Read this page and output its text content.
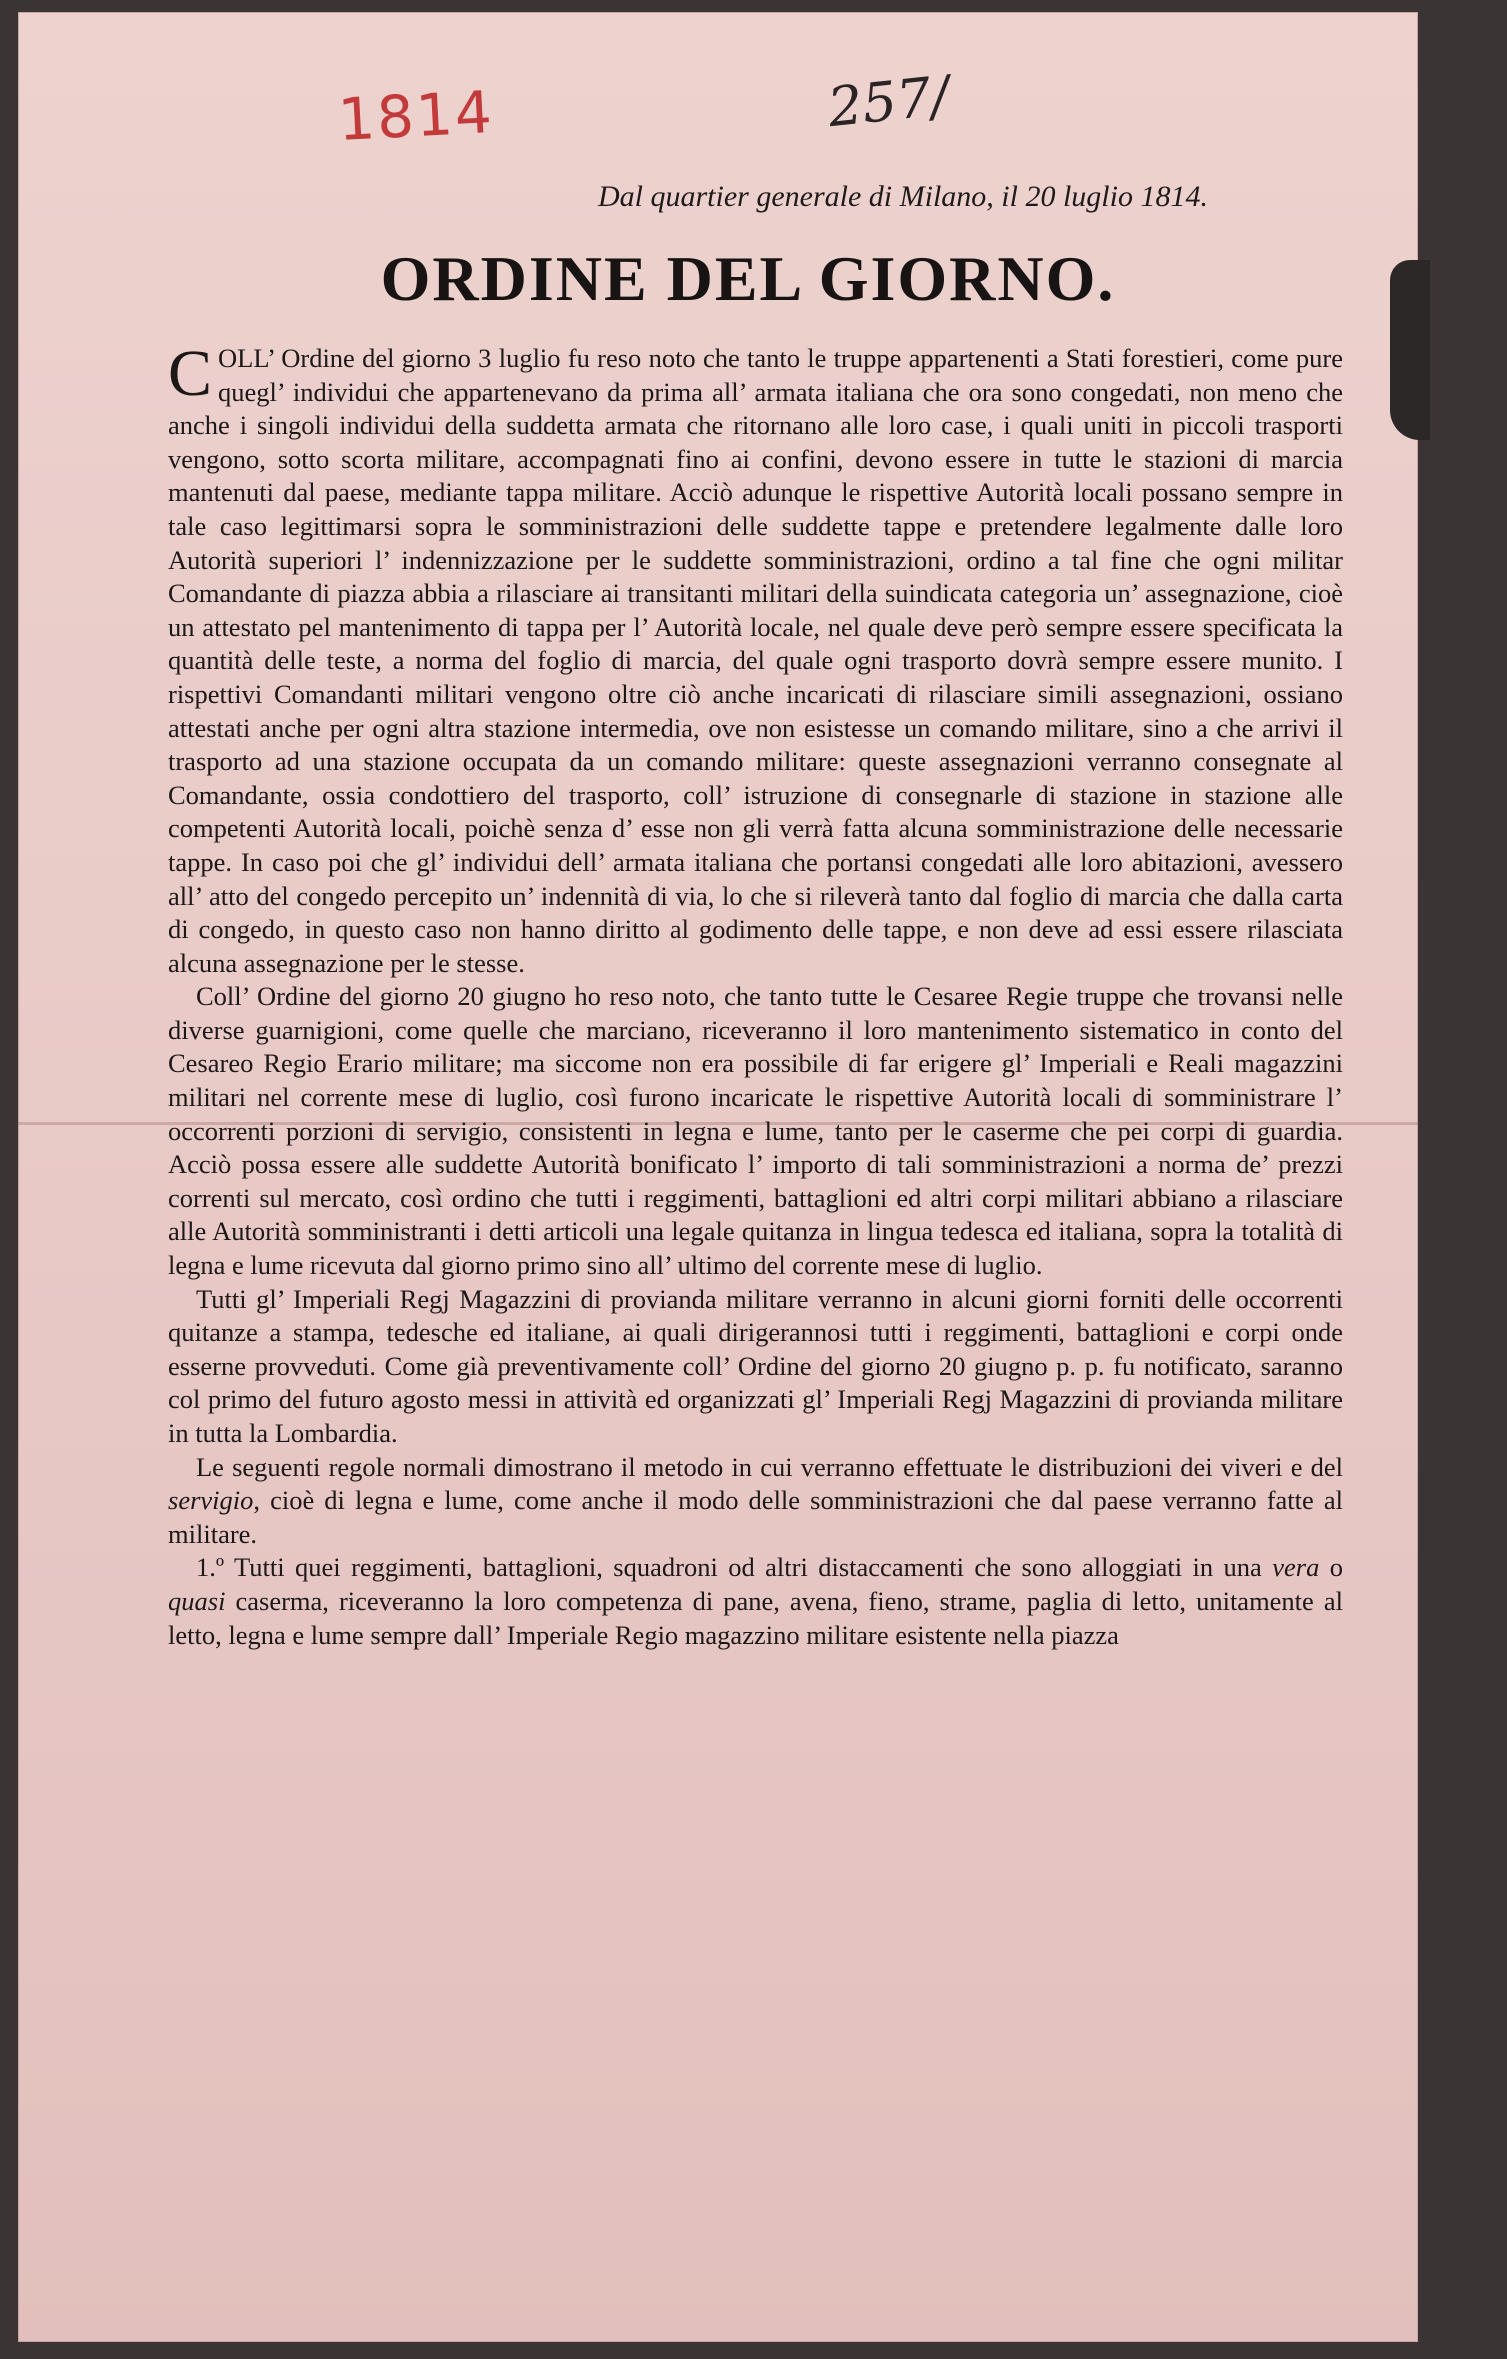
1814	257/
Dal quartier generale di Milano, il 20 luglio 1814.
ORDINE DEL GIORNO.

COLL’ Ordine del giorno 3 luglio fu reso noto che tanto le truppe appartenenti a Stati forestieri, come pure quegl’ individui che appartenevano da prima all’ armata italiana che ora sono congedati, non meno che anche i singoli individui della suddetta armata che ritornano alle loro case, i quali uniti in piccoli trasporti vengono, sotto scorta militare, accompagnati fino ai confini, devono essere in tutte le stazioni di marcia mantenuti dal paese, mediante tappa militare. Acciò adunque le rispettive Autorità locali possano sempre in tale caso legittimarsi sopra le somministrazioni delle suddette tappe e pretendere legalmente dalle loro Autorità superiori l’ indennizzazione per le suddette somministrazioni, ordino a tal fine che ogni militar Comandante di piazza abbia a rilasciare ai transitanti militari della suindicata categoria un’ assegnazione, cioè un attestato pel mantenimento di tappa per l’ Autorità locale, nel quale deve però sempre essere specificata la quantità delle teste, a norma del foglio di marcia, del quale ogni trasporto dovrà sempre essere munito. I rispettivi Comandanti militari vengono oltre ciò anche incaricati di rilasciare simili assegnazioni, ossiano attestati anche per ogni altra stazione intermedia, ove non esistesse un comando militare, sino a che arrivi il trasporto ad una stazione occupata da un comando militare: queste assegnazioni verranno consegnate al Comandante, ossia condottiero del trasporto, coll’ istruzione di consegnarle di stazione in stazione alle competenti Autorità locali, poichè senza d’ esse non gli verrà fatta alcuna somministrazione delle necessarie tappe. In caso poi che gl’ individui dell’ armata italiana che portansi congedati alle loro abitazioni, avessero all’ atto del congedo percepito un’ indennità di via, lo che si rileverà tanto dal foglio di marcia che dalla carta di congedo, in questo caso non hanno diritto al godimento delle tappe, e non deve ad essi essere rilasciata alcuna assegnazione per le stesse.

Coll’ Ordine del giorno 20 giugno ho reso noto, che tanto tutte le Cesaree Regie truppe che trovansi nelle diverse guarnigioni, come quelle che marciano, riceveranno il loro mantenimento sistematico in conto del Cesareo Regio Erario militare; ma siccome non era possibile di far erigere gl’ Imperiali e Reali magazzini militari nel corrente mese di luglio, così furono incaricate le rispettive Autorità locali di somministrare l’ occorrenti porzioni di servigio, consistenti in legna e lume, tanto per le caserme che pei corpi di guardia. Acciò possa essere alle suddette Autorità bonificato l’ importo di tali somministrazioni a norma de’ prezzi correnti sul mercato, così ordino che tutti i reggimenti, battaglioni ed altri corpi militari abbiano a rilasciare alle Autorità somministranti i detti articoli una legale quitanza in lingua tedesca ed italiana, sopra la totalità di legna e lume ricevuta dal giorno primo sino all’ ultimo del corrente mese di luglio.

Tutti gl’ Imperiali Regj Magazzini di provianda militare verranno in alcuni giorni forniti delle occorrenti quitanze a stampa, tedesche ed italiane, ai quali dirigerannosi tutti i reggimenti, battaglioni e corpi onde esserne provveduti. Come già preventivamente coll’ Ordine del giorno 20 giugno p. p. fu notificato, saranno col primo del futuro agosto messi in attività ed organizzati gl’ Imperiali Regj Magazzini di provianda militare in tutta la Lombardia.

Le seguenti regole normali dimostrano il metodo in cui verranno effettuate le distribuzioni dei viveri e del servigio, cioè di legna e lume, come anche il modo delle somministrazioni che dal paese verranno fatte al militare.

1.º Tutti quei reggimenti, battaglioni, squadroni od altri distaccamenti che sono alloggiati in una vera o quasi caserma, riceveranno la loro competenza di pane, avena, fieno, strame, paglia di letto, unitamente al letto, legna e lume sempre dall’ Imperiale Regio magazzino militare esistente nella piazza
